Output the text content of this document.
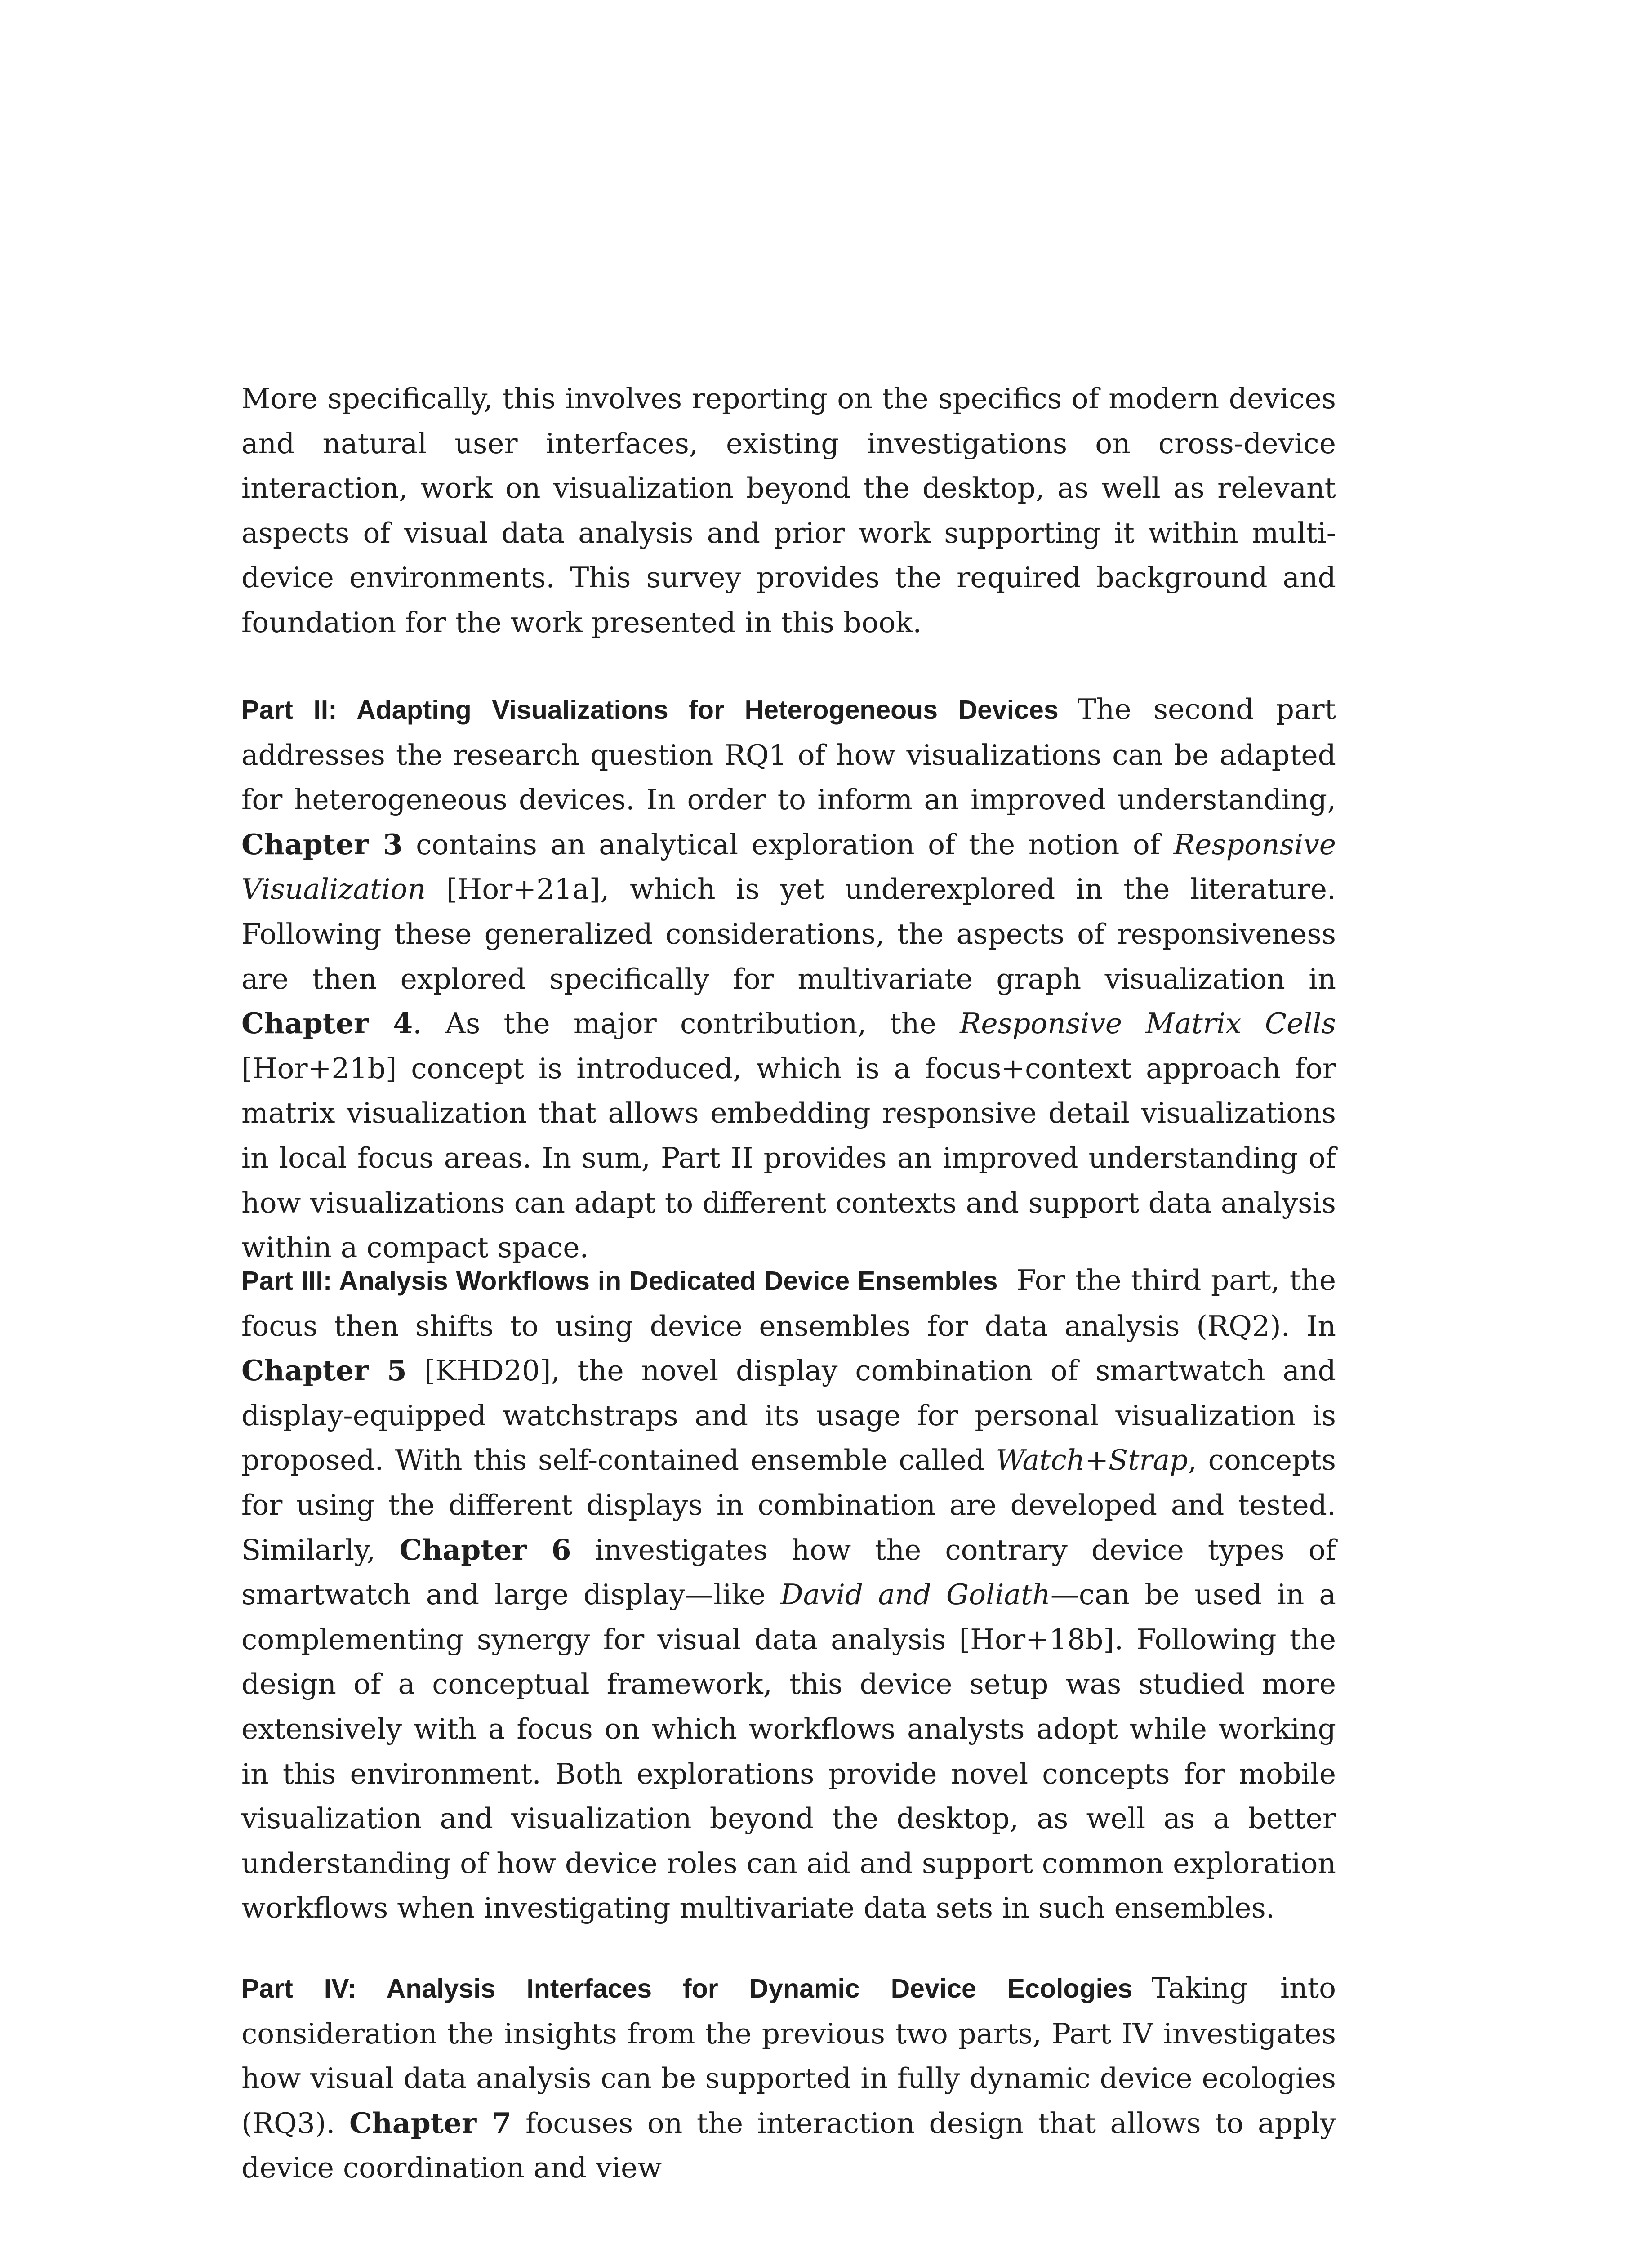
More specifically, this involves reporting on the specifics of modern devices and natural user interfaces, existing investigations on cross-device interaction, work on visualization beyond the desktop, as well as relevant aspects of visual data analysis and prior work supporting it within multi-device environments. This survey provides the required background and foundation for the work presented in this book.

Part II: Adapting Visualizations for Heterogeneous Devices The second part addresses the research question RQ1 of how visualizations can be adapted for heterogeneous devices. In order to inform an improved understanding, Chapter 3 contains an analytical exploration of the notion of Responsive Visualization [Hor+21a], which is yet underexplored in the literature. Following these generalized considerations, the aspects of responsiveness are then explored specifically for multivariate graph visualization in Chapter 4. As the major contribution, the Responsive Matrix Cells [Hor+21b] concept is introduced, which is a focus+context approach for matrix visualization that allows embedding responsive detail visualizations in local focus areas. In sum, Part II provides an improved understanding of how visualizations can adapt to different contexts and support data analysis within a compact space.

Part III: Analysis Workflows in Dedicated Device Ensembles For the third part, the focus then shifts to using device ensembles for data analysis (RQ2). In Chapter 5 [KHD20], the novel display combination of smartwatch and display-equipped watchstraps and its usage for personal visualization is proposed. With this self-contained ensemble called Watch+Strap, concepts for using the different displays in combination are developed and tested. Similarly, Chapter 6 investigates how the contrary device types of smartwatch and large display—like David and Goliath—can be used in a complementing synergy for visual data analysis [Hor+18b]. Following the design of a conceptual framework, this device setup was studied more extensively with a focus on which workflows analysts adopt while working in this environment. Both explorations provide novel concepts for mobile visualization and visualization beyond the desktop, as well as a better understanding of how device roles can aid and support common exploration workflows when investigating multivariate data sets in such ensembles.

Part IV: Analysis Interfaces for Dynamic Device Ecologies Taking into consideration the insights from the previous two parts, Part IV investigates how visual data analysis can be supported in fully dynamic device ecologies (RQ3). Chapter 7 focuses on the interaction design that allows to apply device coordination and view
